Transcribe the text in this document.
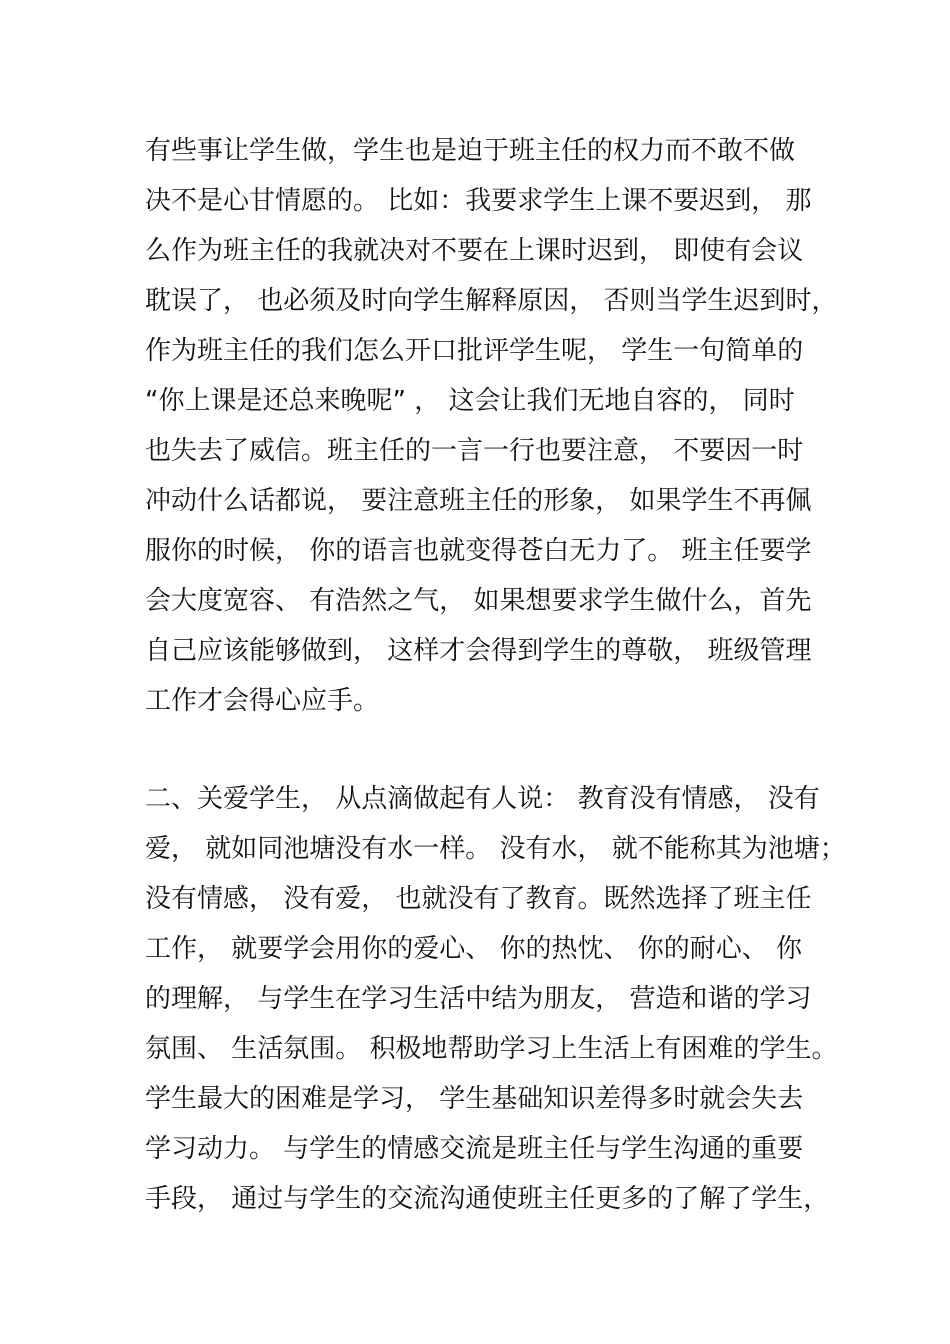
有些事让学生做，学生也是迫于班主任的权力而不敢不做
决不是心甘情愿的。 比如：我要求学生上课不要迟到， 那
么作为班主任的我就决对不要在上课时迟到， 即使有会议
耽误了， 也必须及时向学生解释原因， 否则当学生迟到时，
作为班主任的我们怎么开口批评学生呢， 学生一句简单的
“你上课是还总来晚呢” ， 这会让我们无地自容的， 同时
也失去了威信。班主任的一言一行也要注意， 不要因一时
冲动什么话都说， 要注意班主任的形象， 如果学生不再佩
服你的时候， 你的语言也就变得苍白无力了。 班主任要学
会大度宽容、 有浩然之气， 如果想要求学生做什么，首先
自己应该能够做到， 这样才会得到学生的尊敬， 班级管理
工作才会得心应手。
二、关爱学生， 从点滴做起有人说： 教育没有情感， 没有
爱， 就如同池塘没有水一样。 没有水， 就不能称其为池塘；
没有情感， 没有爱， 也就没有了教育。既然选择了班主任
工作， 就要学会用你的爱心、 你的热忱、 你的耐心、 你
的理解， 与学生在学习生活中结为朋友， 营造和谐的学习
氛围、 生活氛围。 积极地帮助学习上生活上有困难的学生。
学生最大的困难是学习， 学生基础知识差得多时就会失去
学习动力。 与学生的情感交流是班主任与学生沟通的重要
手段， 通过与学生的交流沟通使班主任更多的了解了学生，
